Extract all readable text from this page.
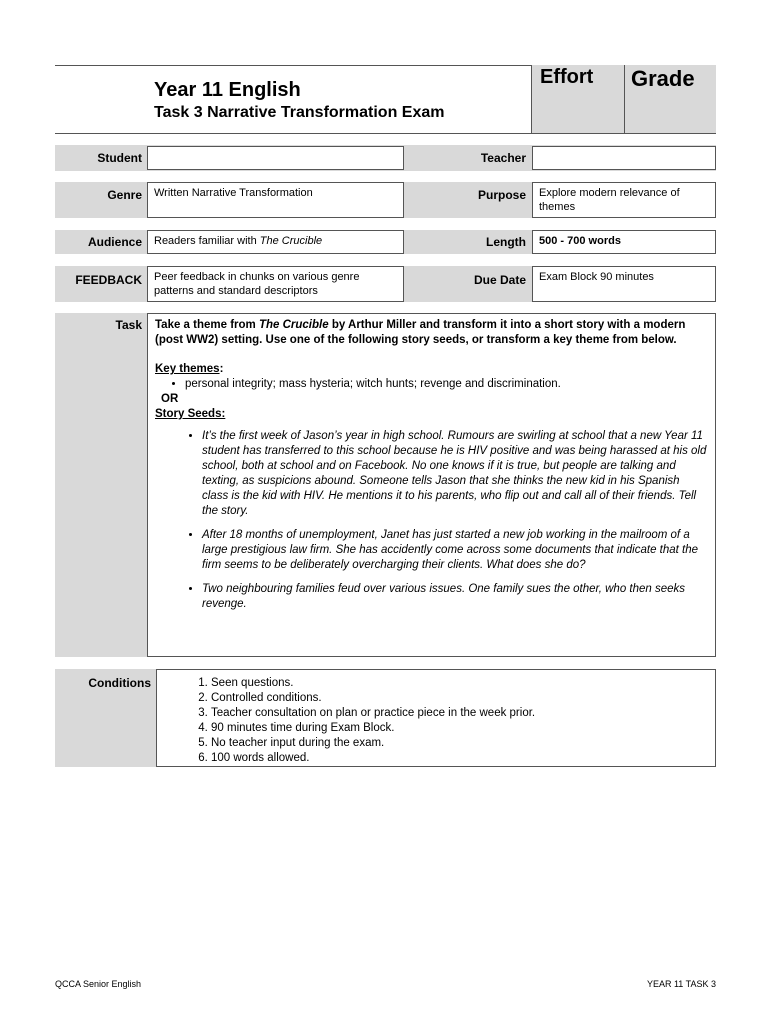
Effort Grade
Year 11 English
Task 3 Narrative Transformation Exam
Student	Teacher
Genre	Written Narrative Transformation	Purpose	Explore modern relevance of themes
Audience	Readers familiar with The Crucible	Length	500 - 700 words
FEEDBACK	Peer feedback in chunks on various genre patterns and standard descriptors
Due Date	Exam Block 90 minutes
Task	Take a theme from The Crucible by Arthur Miller and transform it into a short story with a modern (post WW2) setting. Use one of the following story seeds, or transform a key theme from below.

Key themes:

• personal integrity; mass hysteria; witch hunts; revenge and discrimination.

OR

Story Seeds:

• It’s the first week of Jason’s year in high school. Rumours are swirling at school that a new Year 11 student has transferred to this school because he is HIV positive and was being harassed at his old school, both at school and on Facebook. No one knows if it is true, but people are talking and texting, as suspicions abound. Someone tells Jason that she thinks the new kid in his Spanish class is the kid with HIV. He mentions it to his parents, who flip out and call all of their friends. Tell the story.
• After 18 months of unemployment, Janet has just started a new job working in the mailroom of a large prestigious law firm. She has accidently come across some documents that indicate that the firm seems to be deliberately overcharging their clients. What does she do?
• Two neighbouring families feud over various issues. One family sues the other, who then seeks revenge.
Conditions
1.	Seen questions.
2. Controlled conditions.
3. Teacher consultation on plan or practice piece in the week prior.
4. 90 minutes time during Exam Block.
5. No teacher input during the exam.
6. 100 words allowed.
QCCA Senior English	YEAR 11 TASK 3
